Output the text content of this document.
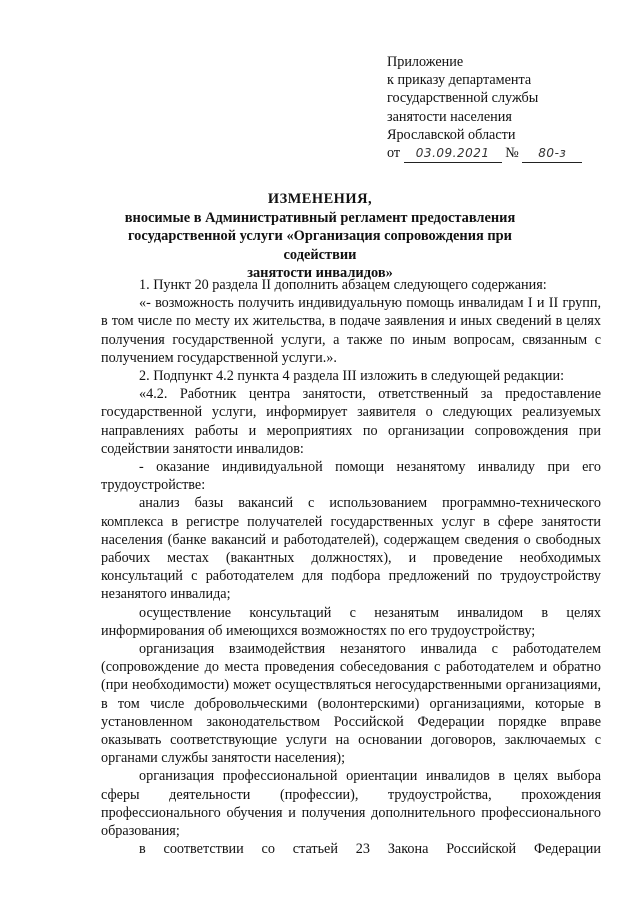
Приложение
к приказу департамента
государственной службы
занятости населения
Ярославской области
от 03.09.2021 № 80-з
ИЗМЕНЕНИЯ,
вносимые в Административный регламент предоставления
государственной услуги «Организация сопровождения при содействии
занятости инвалидов»

1. Пункт 20 раздела II дополнить абзацем следующего содержания:

«- возможность получить индивидуальную помощь инвалидам I и II групп, в том числе по месту их жительства, в подаче заявления и иных сведений в целях получения государственной услуги, а также по иным вопросам, связанным с получением государственной услуги.».

2. Подпункт 4.2 пункта 4 раздела III изложить в следующей редакции:

«4.2. Работник центра занятости, ответственный за предоставление государственной услуги, информирует заявителя о следующих реализуемых направлениях работы и мероприятиях по организации сопровождения при содействии занятости инвалидов:

- оказание индивидуальной помощи незанятому инвалиду при его трудоустройстве:

анализ базы вакансий с использованием программно-технического комплекса в регистре получателей государственных услуг в сфере занятости населения (банке вакансий и работодателей), содержащем сведения о свободных рабочих местах (вакантных должностях), и проведение необходимых консультаций с работодателем для подбора предложений по трудоустройству незанятого инвалида;

осуществление консультаций с незанятым инвалидом в целях информирования об имеющихся возможностях по его трудоустройству;

организация взаимодействия незанятого инвалида с работодателем (сопровождение до места проведения собеседования с работодателем и обратно (при необходимости) может осуществляться негосударственными организациями, в том числе добровольческими (волонтерскими) организациями, которые в установленном законодательством Российской Федерации порядке вправе оказывать соответствующие услуги на основании договоров, заключаемых с органами службы занятости населения);

организация профессиональной ориентации инвалидов в целях выбора сферы деятельности (профессии), трудоустройства, прохождения профессионального обучения и получения дополнительного профессионального образования;

в соответствии со статьей 23 Закона Российской Федерации
